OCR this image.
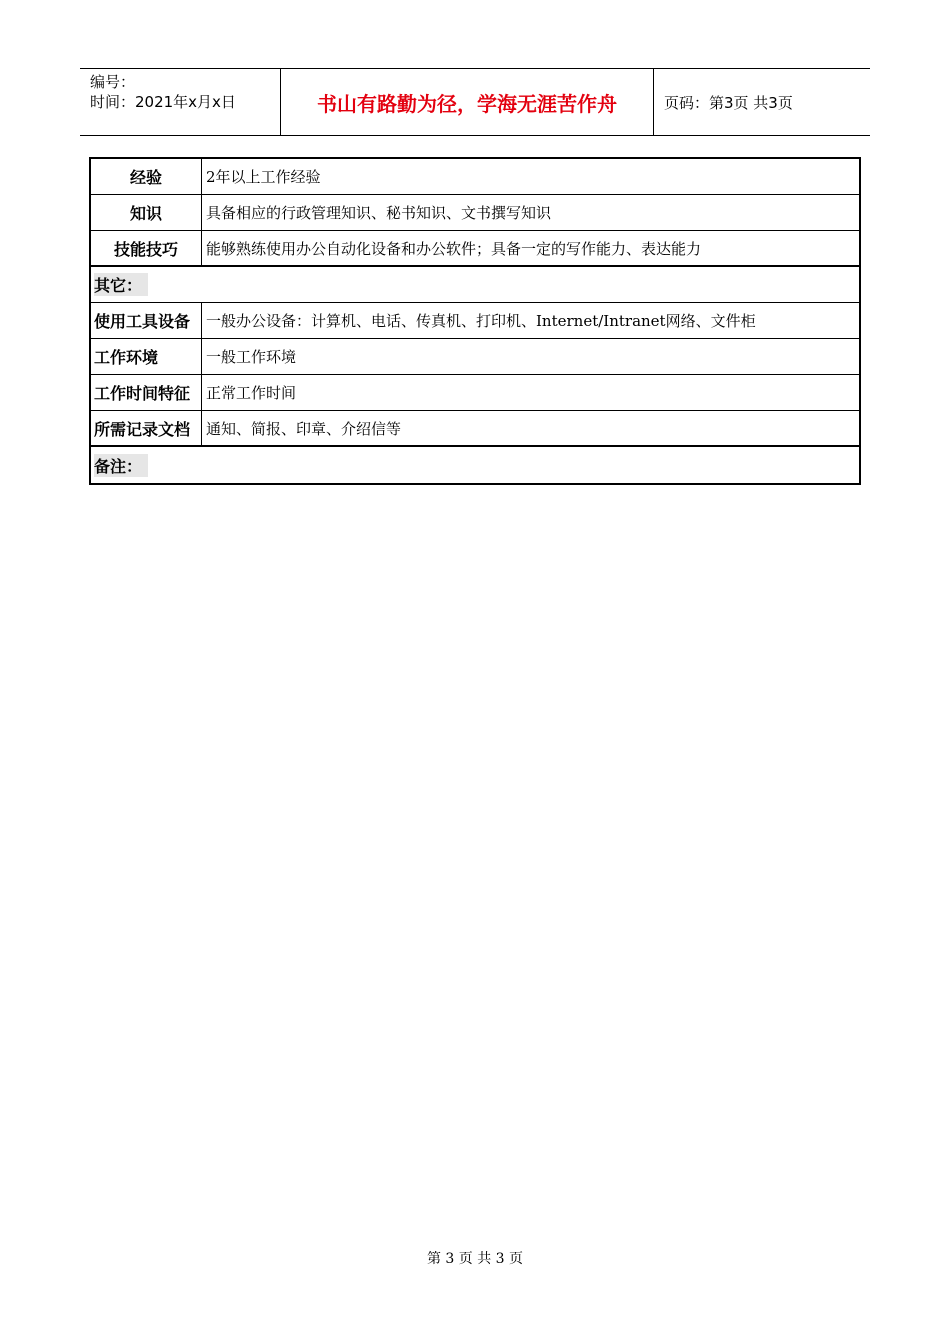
编号：
时间：2021年x月x日	书山有路勤为径，学海无涯苦作舟	页码：第3页 共3页
经验	2年以上工作经验
知识	具备相应的行政管理知识、秘书知识、文书撰写知识
技能技巧	能够熟练使用办公自动化设备和办公软件；具备一定的写作能力、表达能力
其它：
使用工具设备	一般办公设备：计算机、电话、传真机、打印机、Internet/Intranet网络、文件柜
工作环境	一般工作环境
工作时间特征	正常工作时间
所需记录文档	通知、简报、印章、介绍信等
备注：
第 3 页 共 3 页
